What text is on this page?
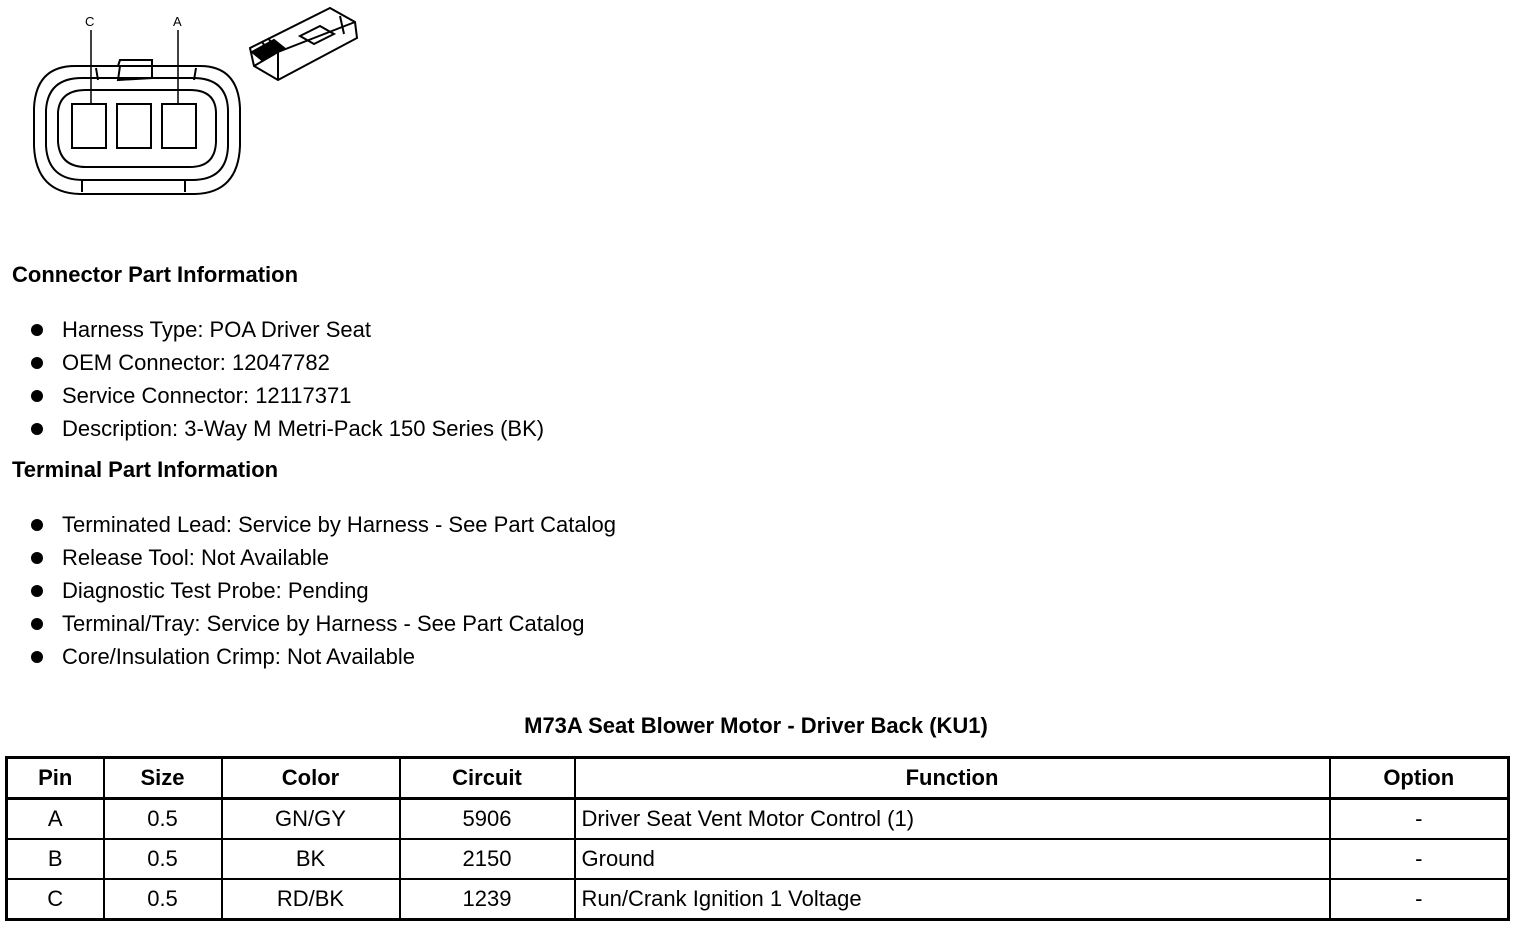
C	A
Connector Part Information
Harness Type: POA Driver Seat
OEM Connector: 12047782
Service Connector: 12117371
Description: 3-Way M Metri-Pack 150 Series (BK)
Terminal Part Information
Terminated Lead: Service by Harness - See Part Catalog
Release Tool: Not Available
Diagnostic Test Probe: Pending
Terminal/Tray: Service by Harness - See Part Catalog
Core/Insulation Crimp: Not Available
M73A Seat Blower Motor - Driver Back (KU1)
Pin	Size	Color	Circuit	Function	Option
A	0.5	GN/GY	5906	Driver Seat Vent Motor Control (1)	-
B	0.5	BK	2150	Ground	-
C	0.5	RD/BK	1239	Run/Crank Ignition 1 Voltage	-
